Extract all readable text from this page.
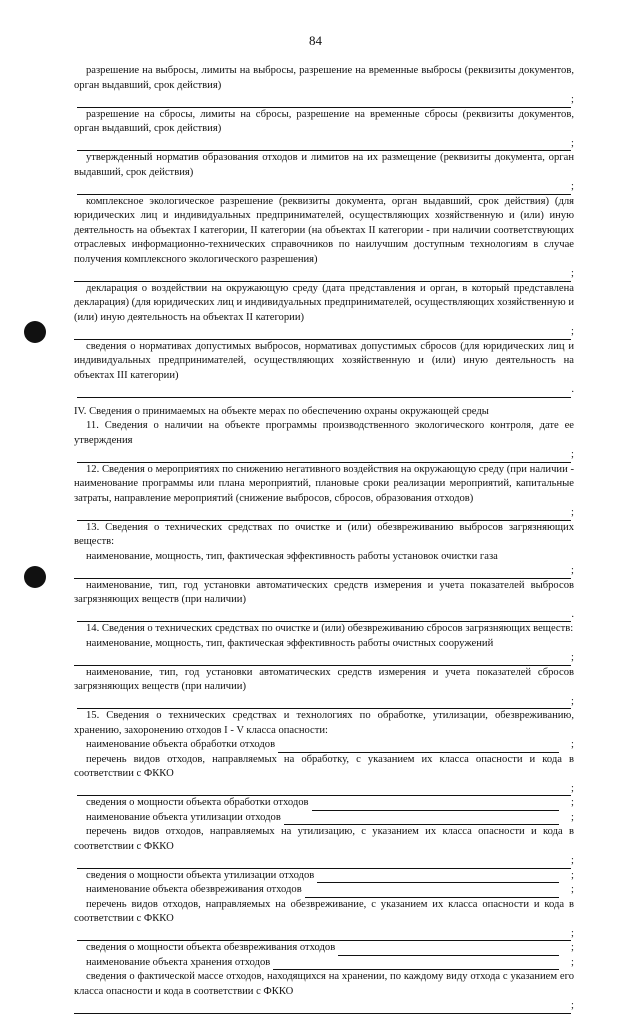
84

разрешение на выбросы, лимиты на выбросы, разрешение на временные выбросы (реквизиты документов, орган выдавший, срок действия)

;

разрешение на сбросы, лимиты на сбросы, разрешение на временные сбросы (реквизиты документов, орган выдавший, срок действия)

;

утвержденный норматив образования отходов и лимитов на их размещение (реквизиты документа, орган выдавший, срок действия)

;

комплексное экологическое разрешение (реквизиты документа, орган выдавший, срок действия) (для юридических лиц и индивидуальных предпринимателей, осуществляющих хозяйственную и (или) иную деятельность на объектах I категории, II категории (на объектах II категории - при наличии соответствующих отраслевых информационно-технических справочников по наилучшим доступным технологиям в случае получения комплексного экологического разрешения)

;

декларация о воздействии на окружающую среду (дата представления и орган, в который представлена декларация) (для юридических лиц и индивидуальных предпринимателей, осуществляющих хозяйственную и (или) иную деятельность на объектах II категории)

;

сведения о нормативах допустимых выбросов, нормативах допустимых сбросов (для юридических лиц и индивидуальных предпринимателей, осуществляющих хозяйственную и (или) иную деятельность на объектах III категории)

.

IV. Сведения о принимаемых на объекте мерах по обеспечению охраны окружающей среды

11. Сведения о наличии на объекте программы производственного экологического контроля, дате ее утверждения

;

12. Сведения о мероприятиях по снижению негативного воздействия на окружающую среду (при наличии - наименование программы или плана мероприятий, плановые сроки реализации мероприятий, капитальные затраты, направление мероприятий (снижение выбросов, сбросов, образования отходов)

;

13. Сведения о технических средствах по очистке и (или) обезвреживанию выбросов загрязняющих веществ:

наименование, мощность, тип, фактическая эффективность работы установок очистки газа

;

наименование, тип, год установки автоматических средств измерения и учета показателей выбросов загрязняющих веществ (при наличии)

.

14. Сведения о технических средствах по очистке и (или) обезвреживанию сбросов загрязняющих веществ:

наименование, мощность, тип, фактическая эффективность работы очистных сооружений

;

наименование, тип, год установки автоматических средств измерения и учета показателей сбросов загрязняющих веществ (при наличии)

;

15. Сведения о технических средствах и технологиях по обработке, утилизации, обезвреживанию, хранению, захоронению отходов I - V класса опасности:

наименование объекта обработки отходов	;

перечень видов отходов, направляемых на обработку, с указанием их класса опасности и кода в соответствии с ФККО

;
сведения о мощности объекта обработки отходов	;
наименование объекта утилизации отходов	;

перечень видов отходов, направляемых на утилизацию, с указанием их класса опасности и кода в соответствии с ФККО

;
сведения о мощности объекта утилизации отходов	;
наименование объекта обезвреживания отходов	;

перечень видов отходов, направляемых на обезвреживание, с указанием их класса опасности и кода в соответствии с ФККО

;
сведения о мощности объекта обезвреживания отходов	;
наименование объекта хранения отходов	;

сведения о фактической массе отходов, находящихся на хранении, по каждому виду отхода с указанием его класса опасности и кода в соответствии с ФККО

;
